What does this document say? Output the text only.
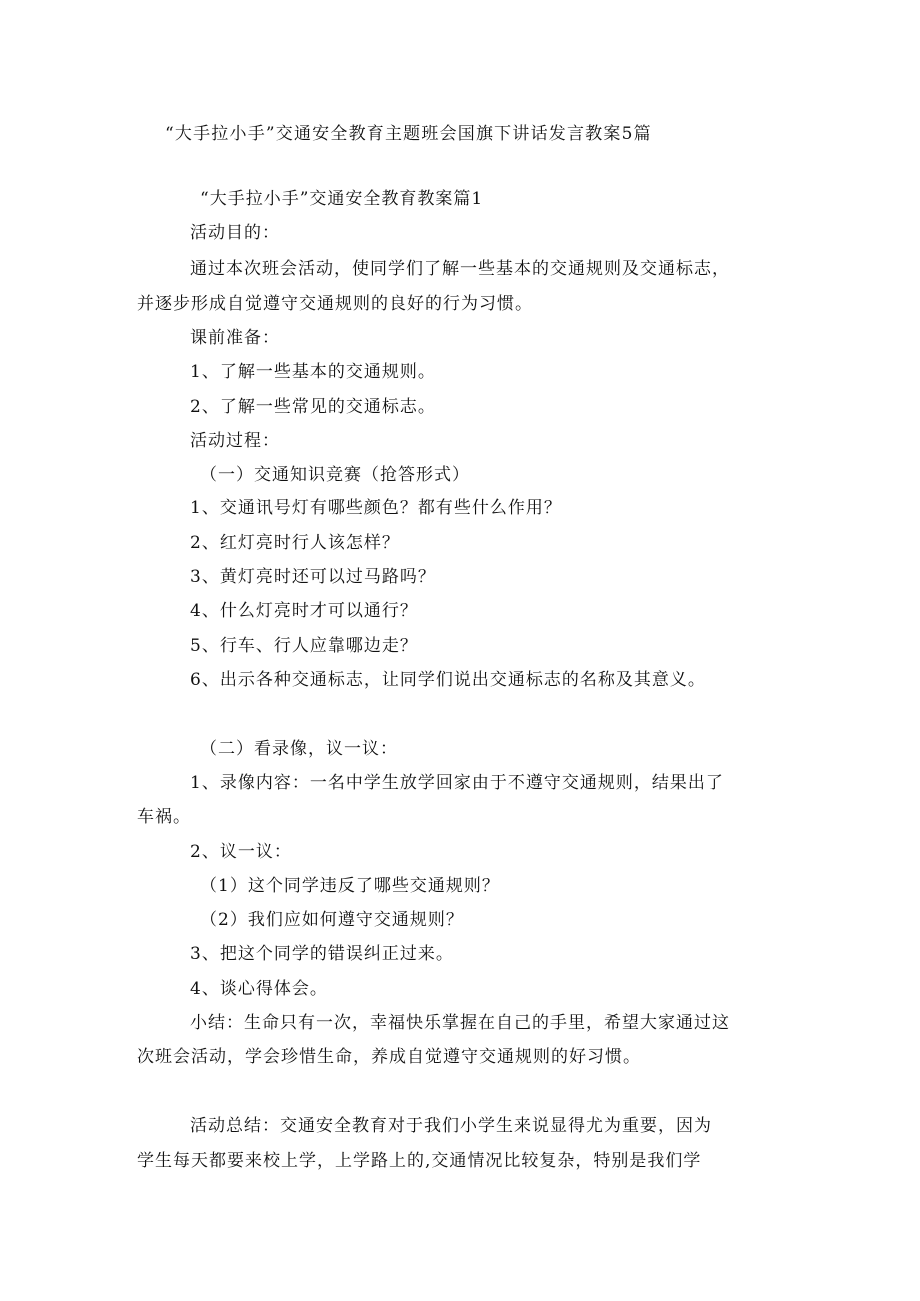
“大手拉小手”交通安全教育主题班会国旗下讲话发言教案5篇
“大手拉小手”交通安全教育教案篇1
活动目的：
通过本次班会活动，使同学们了解一些基本的交通规则及交通标志，
并逐步形成自觉遵守交通规则的良好的行为习惯。
课前准备：
1、了解一些基本的交通规则。
2、了解一些常见的交通标志。
活动过程：
（一）交通知识竞赛（抢答形式）
1、交通讯号灯有哪些颜色？都有些什么作用？
2、红灯亮时行人该怎样？
3、黄灯亮时还可以过马路吗？
4、什么灯亮时才可以通行？
5、行车、行人应靠哪边走？
6、出示各种交通标志，让同学们说出交通标志的名称及其意义。
（二）看录像，议一议：
1、录像内容：一名中学生放学回家由于不遵守交通规则，结果出了
车祸。
2、议一议：
（1）这个同学违反了哪些交通规则？
（2）我们应如何遵守交通规则？
3、把这个同学的错误纠正过来。
4、谈心得体会。
小结：生命只有一次，幸福快乐掌握在自己的手里，希望大家通过这
次班会活动，学会珍惜生命，养成自觉遵守交通规则的好习惯。
活动总结：交通安全教育对于我们小学生来说显得尤为重要，因为
学生每天都要来校上学，上学路上的,交通情况比较复杂，特别是我们学
